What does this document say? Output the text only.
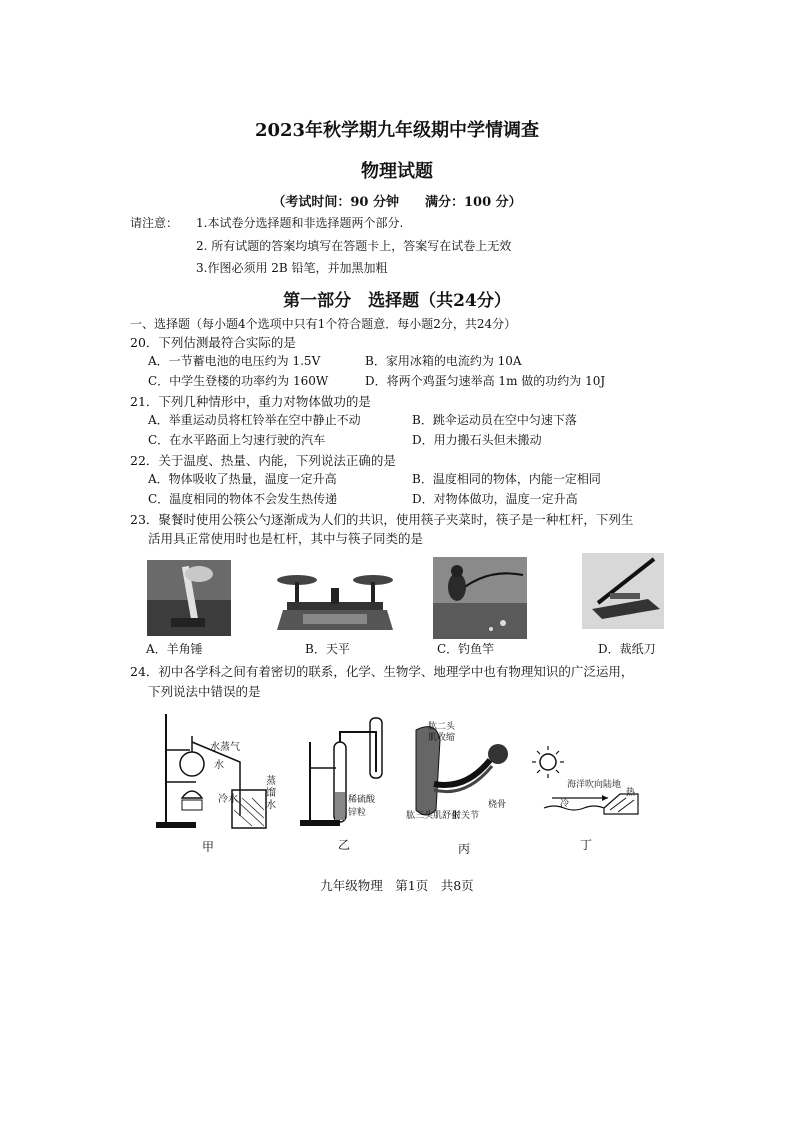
2023年秋学期九年级期中学情调查
物理试题
（考试时间：90 分钟　　满分：100 分）
请注意： 1.本试卷分选择题和非选择题两个部分.
2. 所有试题的答案均填写在答题卡上，答案写在试卷上无效
3.作图必须用 2B 铅笔，并加黑加粗
第一部分　选择题（共24分）
一、选择题（每小题4个选项中只有1个符合题意．每小题2分，共24分）
20．下列估测最符合实际的是
A．一节蓄电池的电压约为 1.5V	B．家用冰箱的电流约为 10A
C．中学生登楼的功率约为 160W	D．将两个鸡蛋匀速举高 1m 做的功约为 10J
21．下列几种情形中，重力对物体做功的是
A．举重运动员将杠铃举在空中静止不动	B．跳伞运动员在空中匀速下落
C．在水平路面上匀速行驶的汽车	D．用力搬石头但未搬动
22．关于温度、热量、内能，下列说法正确的是
A．物体吸收了热量，温度一定升高	B．温度相同的物体，内能一定相同
C．温度相同的物体不会发生热传递	D．对物体做功，温度一定升高
23．聚餐时使用公筷公勺逐渐成为人们的共识，使用筷子夹菜时，筷子是一种杠杆，下列生
活用具正常使用时也是杠杆，其中与筷子同类的是
A．羊角锤	B．天平	C．钓鱼竿	D．裁纸刀
24．初中各学科之间有着密切的联系，化学、生物学、地理学中也有物理知识的广泛运用，
下列说法中错误的是
水蒸气
水
冷水
蒸馏水	稀硫酸
锌粒
肱二头肌收缩
桡骨
肱三头肌舒张
肘关节
海洋吹向陆地
冷
热
甲	乙	丙	丁
九年级物理　第1页　共8页
